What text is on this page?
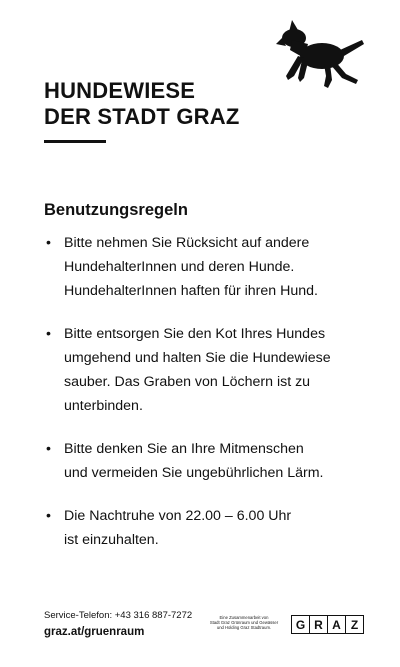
HUNDEWIESE
DER STADT GRAZ
Benutzungsregeln
• Bitte nehmen Sie Rücksicht auf andere
HundehalterInnen und deren Hunde.
HundehalterInnen haften für ihren Hund.
• Bitte entsorgen Sie den Kot Ihres Hundes
umgehend und halten Sie die Hundewiese
sauber. Das Graben von Löchern ist zu
unterbinden.
• Bitte denken Sie an Ihre Mitmenschen
und vermeiden Sie ungebührlichen Lärm.
• Die Nachtruhe von 22.00 – 6.00 Uhr
ist einzuhalten.
Service-Telefon: +43 316 887-7272
graz.at/gruenraum
Eine Zusammenarbeit von
Stadt Graz Grünraum und Gewässer
und Holding Graz Stadtraum.	G R A Z
